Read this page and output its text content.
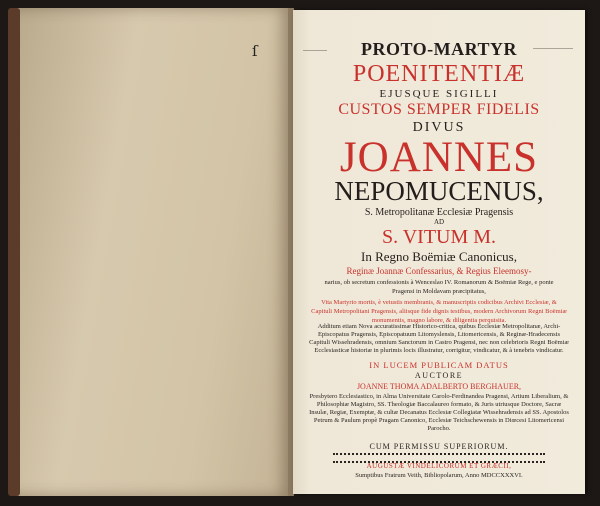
ſ	PROTO-MARTYR
POENITENTIÆ
EJUSQUE SIGILLI
CUSTOS SEMPER FIDELIS
DIVUS
JOANNES
NEPOMUCENUS,
S. Metropolitanæ Ecclesiæ Pragensis
AD
S. VITUM M.
In Regno Boëmiæ Canonicus,
Reginæ Joannæ Confessarius, & Regius Eleemosy-
narius, ob secretum confessionis à Wenceslao IV. Romanorum & Boëmiæ Rege, e ponte Pragensi in Moldavam præcipitatus,
Vita Martyrio mortis, è vetustis membranis, & manuscriptis codicibus Archivi Ecclesiæ, & Capituli Metropolitani Pragensis, aliisque fide dignis testibus, modern Archivorum Regni Boëmiæ monumentis, magno labore, & diligentia perquisita.
Additum etiam Nova accuratissimæ Historico-critica, quibus Ecclesiæ Metropolitanæ, Archi-Episcopatus Pragensis, Episcopatuum Litomyslensis, Litomericensis, & Reginæ-Hradecensis Capituli Wissehradensis, omnium Sanctorum in Castro Pragensi, nec non celebrioris Regni Boëmiæ Ecclesiasticæ historiæ in plurimis locis illustratur, corrigitur, vindicatur, & à tenebris vindicatur.
IN LUCEM PUBLICAM DATUS
AUCTORE
JOANNE THOMA ADALBERTO BERGHAUER,
Presbytero Ecclesiastico, in Alma Universitate Carolo-Ferdinandea Pragensi, Artium Liberalium, & Philosophiæ Magistro, SS. Theologiæ Baccalaureo formato, & Juris utriusque Doctore, Sacræ Insulæ, Regiæ, Exemptæ, & cultæ Decanatus Ecclesiæ Collegiatæ Wissehradensis ad SS. Apostolos Petrum & Paulum propè Pragam Canonico, Ecclesiæ Teichschewensis in Diœcesi Litomericensi Parocho.
CUM PERMISSU SUPERIORUM.
AUGUSTÆ VINDELICORUM ET GRÆCII,
Sumptibus Fratrum Veith, Bibliopolarum, Anno MDCCXXXVI.
